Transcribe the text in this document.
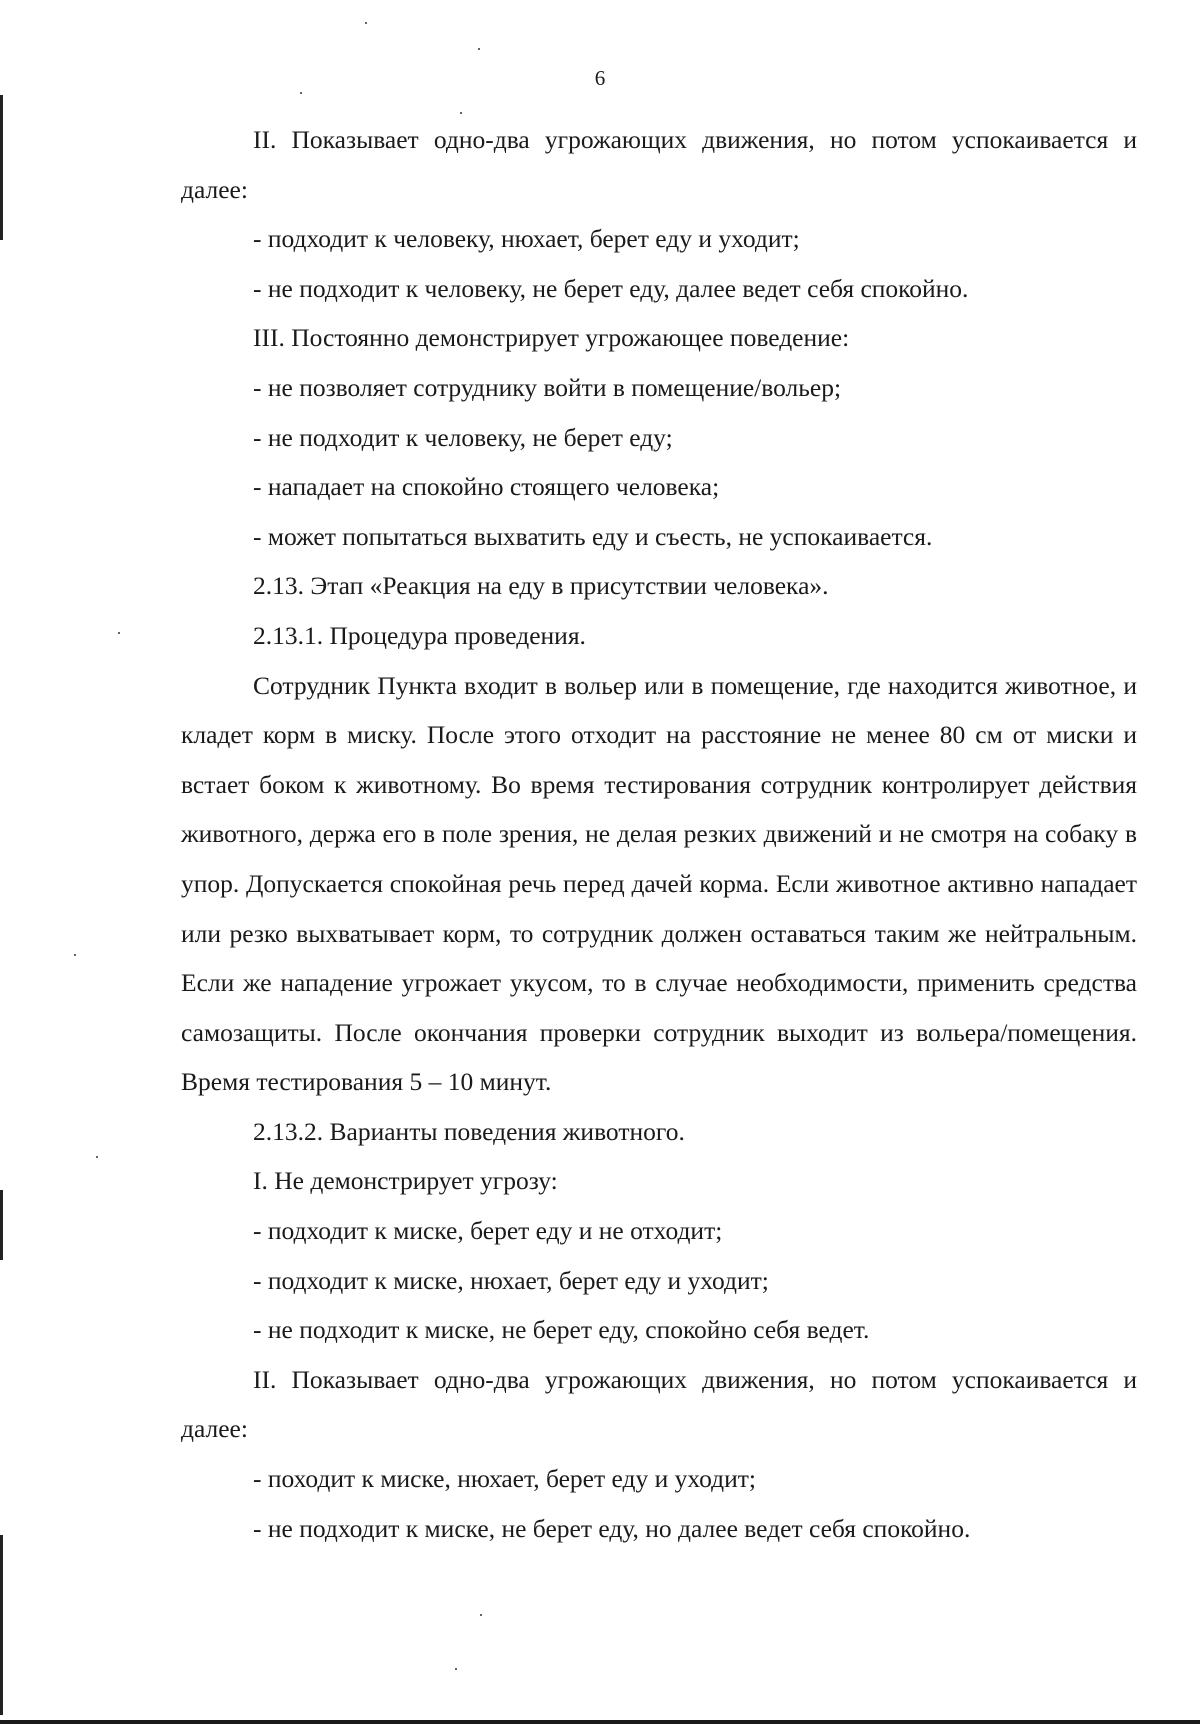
6

II. Показывает одно-два угрожающих движения, но потом успокаивается и далее:

- подходит к человеку, нюхает, берет еду и уходит;

- не подходит к человеку, не берет еду, далее ведет себя спокойно.

III. Постоянно демонстрирует угрожающее поведение:

- не позволяет сотруднику войти в помещение/вольер;

- не подходит к человеку, не берет еду;

- нападает на спокойно стоящего человека;

- может попытаться выхватить еду и съесть, не успокаивается.

2.13. Этап «Реакция на еду в присутствии человека».

2.13.1. Процедура проведения.

Сотрудник Пункта входит в вольер или в помещение, где находится животное, и кладет корм в миску. После этого отходит на расстояние не менее 80 см от миски и встает боком к животному. Во время тестирования сотрудник контролирует действия животного, держа его в поле зрения, не делая резких движений и не смотря на собаку в упор. Допускается спокойная речь перед дачей корма. Если животное активно нападает или резко выхватывает корм, то сотрудник должен оставаться таким же нейтральным. Если же нападение угрожает укусом, то в случае необходимости, применить средства самозащиты. После окончания проверки сотрудник выходит из вольера/помещения. Время тестирования 5 – 10 минут.

2.13.2. Варианты поведения животного.

I. Не демонстрирует угрозу:

- подходит к миске, берет еду и не отходит;

- подходит к миске, нюхает, берет еду и уходит;

- не подходит к миске, не берет еду, спокойно себя ведет.

II. Показывает одно-два угрожающих движения, но потом успокаивается и далее:

- походит к миске, нюхает, берет еду и уходит;

- не подходит к миске, не берет еду, но далее ведет себя спокойно.
